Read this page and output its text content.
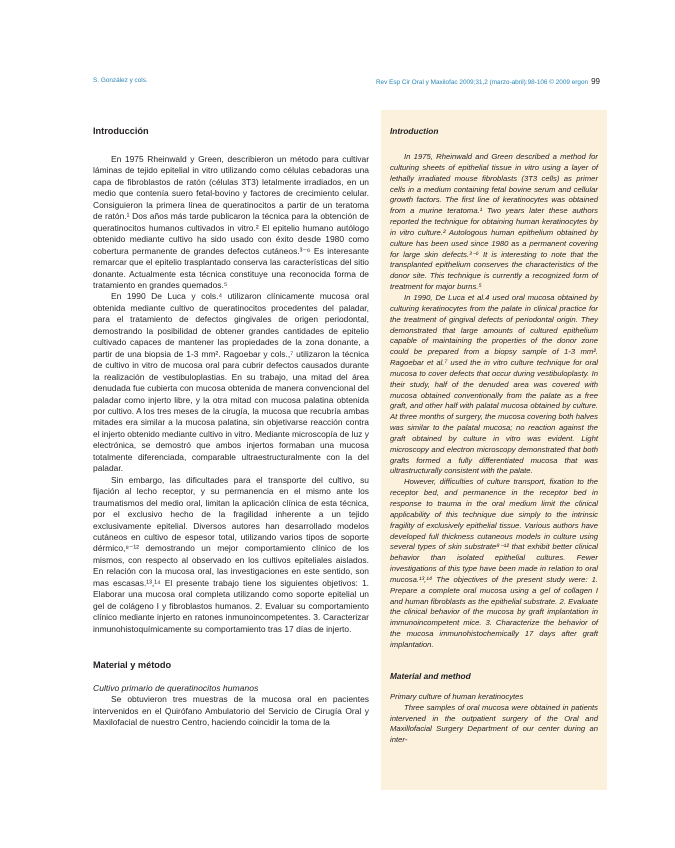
S. González y cols.	Rev Esp Cir Oral y Maxilofac 2009;31,2 (marzo-abril):98-106 © 2009 ergon 99
Introducción

En 1975 Rheinwald y Green, describieron un método para cultivar láminas de tejido epitelial in vitro utilizando como células cebadoras una capa de fibroblastos de ratón (células 3T3) letalmente irradiados, en un medio que contenía suero fetal-bovino y factores de crecimiento celular. Consiguieron la primera línea de queratinocitos a partir de un teratoma de ratón.¹ Dos años más tarde publicaron la técnica para la obtención de queratinocitos humanos cultivados in vitro.² El epitelio humano autólogo obtenido mediante cultivo ha sido usado con éxito desde 1980 como cobertura permanente de grandes defectos cutáneos.³⁻⁶ Es interesante remarcar que el epitelio trasplantado conserva las características del sitio donante. Actualmente esta técnica constituye una reconocida forma de tratamiento en grandes quemados.⁵

En 1990 De Luca y cols.⁴ utilizaron clínicamente mucosa oral obtenida mediante cultivo de queratinocitos procedentes del paladar, para el tratamiento de defectos gingivales de origen periodontal, demostrando la posibilidad de obtener grandes cantidades de epitelio cultivado capaces de mantener las propiedades de la zona donante, a partir de una biopsia de 1-3 mm². Ragoebar y cols.,⁷ utilizaron la técnica de cultivo in vitro de mucosa oral para cubrir defectos causados durante la realización de vestibuloplastias. En su trabajo, una mitad del área denudada fue cubierta con mucosa obtenida de manera convencional del paladar como injerto libre, y la otra mitad con mucosa palatina obtenida por cultivo. A los tres meses de la cirugía, la mucosa que recubría ambas mitades era similar a la mucosa palatina, sin objetivarse reacción contra el injerto obtenido mediante cultivo in vitro. Mediante microscopía de luz y electrónica, se demostró que ambos injertos formaban una mucosa totalmente diferenciada, comparable ultraestructuralmente con la del paladar.

Sin embargo, las dificultades para el transporte del cultivo, su fijación al lecho receptor, y su permanencia en el mismo ante los traumatismos del medio oral, limitan la aplicación clínica de esta técnica, por el exclusivo hecho de la fragilidad inherente a un tejido exclusivamente epitelial. Diversos autores han desarrollado modelos cutáneos en cultivo de espesor total, utilizando varios tipos de soporte dérmico,⁸⁻¹² demostrando un mejor comportamiento clínico de los mismos, con respecto al observado en los cultivos epiteliales aislados. En relación con la mucosa oral, las investigaciones en este sentido, son mas escasas.¹³,¹⁴ El presente trabajo tiene los siguientes objetivos: 1. Elaborar una mucosa oral completa utilizando como soporte epitelial un gel de colágeno I y fibroblastos humanos. 2. Evaluar su comportamiento clínico mediante injerto en ratones inmunoincompetentes. 3. Caracterizar inmunohistoquímicamente su comportamiento tras 17 días de injerto.

Material y método
Cultivo primario de queratinocitos humanos

Se obtuvieron tres muestras de la mucosa oral en pacientes intervenidos en el Quirófano Ambulatorio del Servicio de Cirugía Oral y Maxilofacial de nuestro Centro, haciendo coincidir la toma de la

Introduction

In 1975, Rheinwald and Green described a method for culturing sheets of epithelial tissue in vitro using a layer of lethally irradiated mouse fibroblasts (3T3 cells) as primer cells in a medium containing fetal bovine serum and cellular growth factors. The first line of keratinocytes was obtained from a murine teratoma.¹ Two years later these authors reported the technique for obtaining human keratinocytes by in vitro culture.² Autologous human epithelium obtained by culture has been used since 1980 as a permanent covering for large skin defects.³⁻⁶ It is interesting to note that the transplanted epithelium conserves the characteristics of the donor site. This technique is currently a recognized form of treatment for major burns.⁵

In 1990, De Luca et al.4 used oral mucosa obtained by culturing keratinocytes from the palate in clinical practice for the treatment of gingival defects of periodontal origin. They demonstrated that large amounts of cultured epithelium capable of maintaining the properties of the donor zone could be prepared from a biopsy sample of 1-3 mm². Ragoebar et al.⁷ used the in vitro culture technique for oral mucosa to cover defects that occur during vestibuloplasty. In their study, half of the denuded area was covered with mucosa obtained conventionally from the palate as a free graft, and other half with palatal mucosa obtained by culture. At three months of surgery, the mucosa covering both halves was similar to the palatal mucosa; no reaction against the graft obtained by culture in vitro was evident. Light microscopy and electron microscopy demonstrated that both grafts formed a fully differentiated mucosa that was ultrastructurally consistent with the palate.

However, difficulties of culture transport, fixation to the receptor bed, and permanence in the receptor bed in response to trauma in the oral medium limit the clinical applicability of this technique due simply to the intrinsic fragility of exclusively epithelial tissue. Various authors have developed full thickness cutaneous models in culture using several types of skin substrate⁸⁻¹² that exhibit better clinical behavior than isolated epithelial cultures. Fewer investigations of this type have been made in relation to oral mucosa.¹³,¹⁴ The objectives of the present study were: 1. Prepare a complete oral mucosa using a gel of collagen I and human fibroblasts as the epithelial substrate. 2. Evaluate the clinical behavior of the mucosa by graft implantation in immunoincompetent mice. 3. Characterize the behavior of the mucosa immunohistochemically 17 days after graft implantation.

Material and method
Primary culture of human keratinocytes

Three samples of oral mucosa were obtained in patients intervened in the outpatient surgery of the Oral and Maxillofacial Surgery Department of our center during an inter-
